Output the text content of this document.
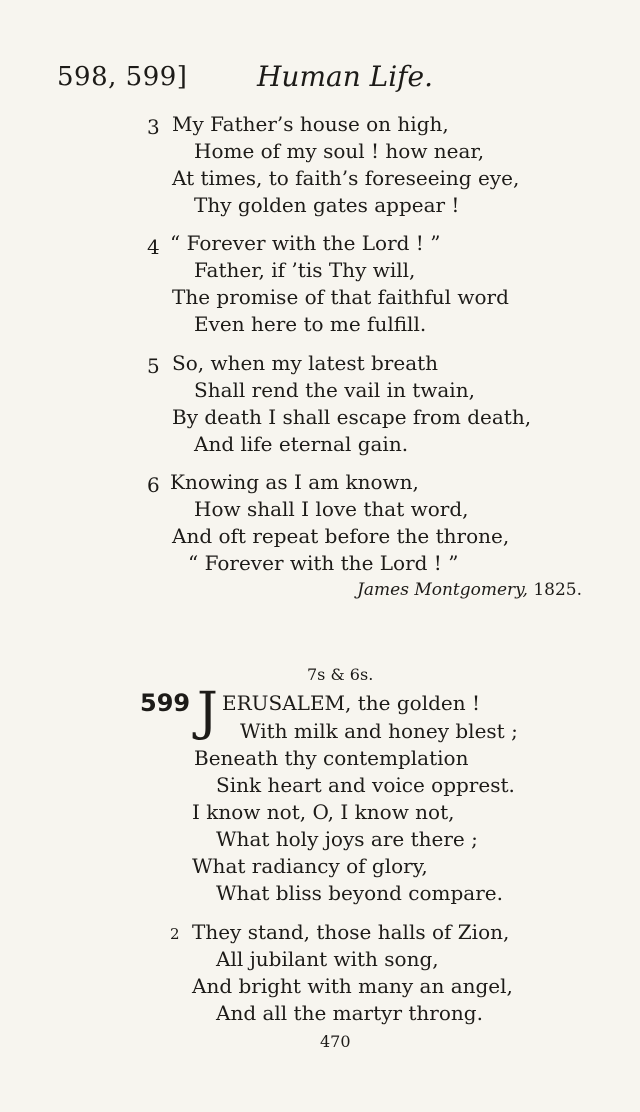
598, 599] Human Life.
3 My Father’s house on high,
Home of my soul ! how near,
At times, to faith’s foreseeing eye,
Thy golden gates appear !
4 “ Forever with the Lord ! ”
Father, if ’tis Thy will,
The promise of that faithful word
Even here to me fulfill.
5 So, when my latest breath
Shall rend the vail in twain,
By death I shall escape from death,
And life eternal gain.
6 Knowing as I am known,
How shall I love that word,
And oft repeat before the throne,
“ Forever with the Lord ! ”
James Montgomery, 1825.
7s & 6s.
599 J ERUSALEM, the golden !
With milk and honey blest ;
Beneath thy contemplation
Sink heart and voice opprest.
I know not, O, I know not,
What holy joys are there ;
What radiancy of glory,
What bliss beyond compare.
2 They stand, those halls of Zion,
All jubilant with song,
And bright with many an angel,
And all the martyr throng.
470
